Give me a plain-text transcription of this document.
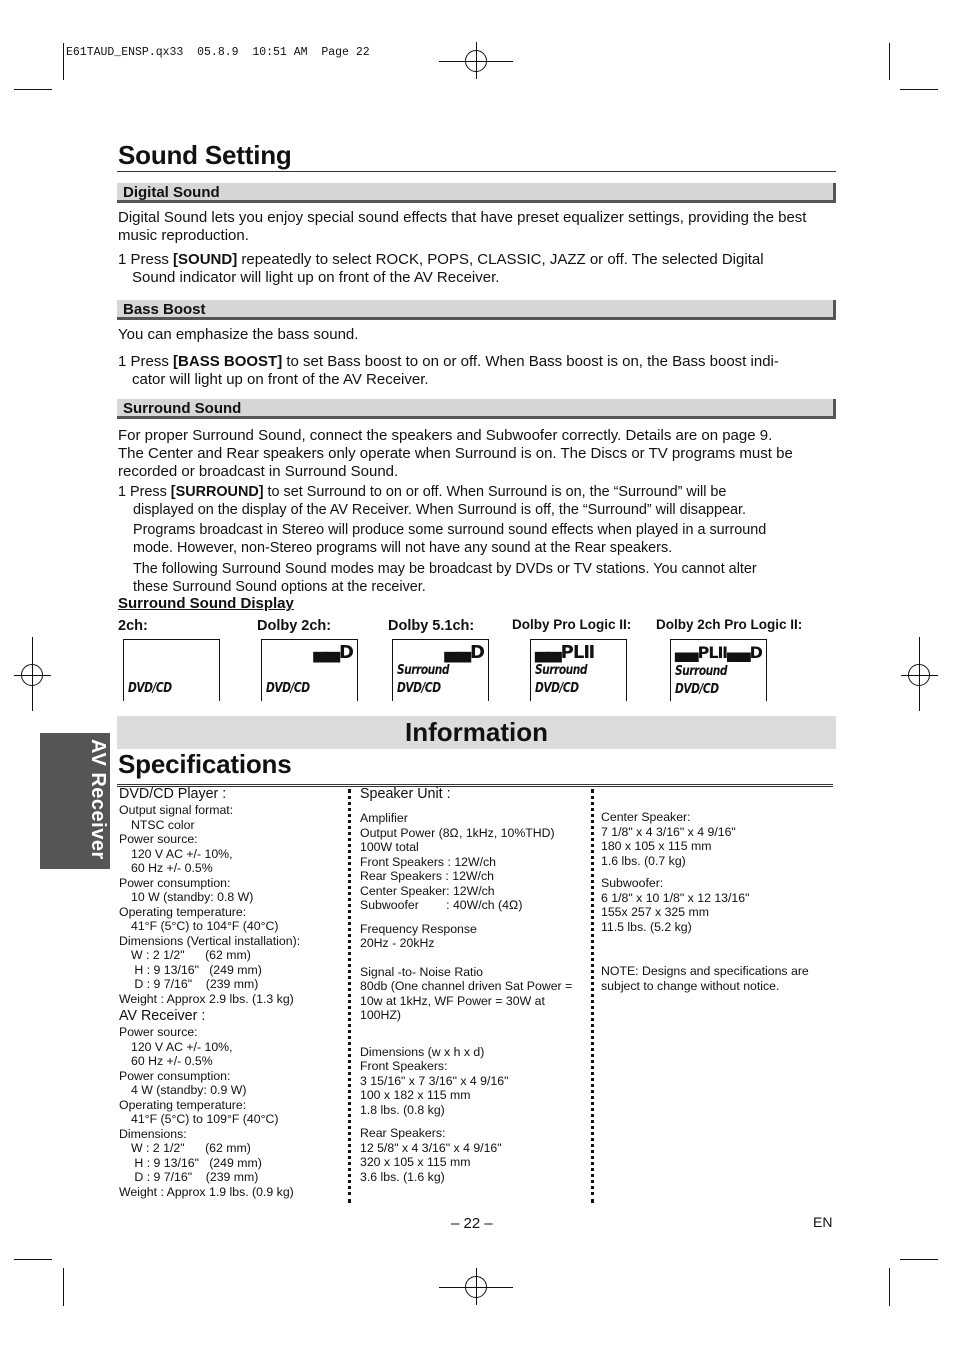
E61TAUD_ENSP.qx33  05.8.9  10:51 AM  Page 22
Sound Setting
Digital Sound
Digital Sound lets you enjoy special sound effects that have preset equalizer settings, providing the best
music reproduction.
1 Press [SOUND] repeatedly to select ROCK, POPS, CLASSIC, JAZZ or off. The selected Digital
Sound indicator will light up on front of the AV Receiver.
Bass Boost
You can emphasize the bass sound.
1 Press [BASS BOOST] to set Bass boost to on or off. When Bass boost is on, the Bass boost indi-
cator will light up on front of the AV Receiver.
Surround Sound
For proper Surround Sound, connect the speakers and Subwoofer correctly. Details are on page 9.
The Center and Rear speakers only operate when Surround is on. The Discs or TV programs must be
recorded or broadcast in Surround Sound.
1 Press [SURROUND] to set Surround to on or off. When Surround is on, the “Surround” will be
displayed on the display of the AV Receiver. When Surround is off, the “Surround” will disappear.
Programs broadcast in Stereo will produce some surround sound effects when played in a surround
mode. However, non-Stereo programs will not have any sound at the Rear speakers.
The following Surround Sound modes may be broadcast by DVDs or TV stations. You cannot alter
these Surround Sound options at the receiver.
Surround Sound Display
2ch:	Dolby 2ch:	Dolby 5.1ch:	Dolby Pro Logic II: Dolby 2ch Pro Logic II:
DVD/CD
▄▄D
DVD/CD
▄▄D
Surround
DVD/CD
▄▄PLⅡ
Surround
DVD/CD
▄▄PLⅡ▄▄D
Surround
DVD/CD
Information
AV Receiver Specifications
DVD/CD Player :
Output signal format:
NTSC color
Power source:
120 V AC +/- 10%,
60 Hz +/- 0.5%
Power consumption:
10 W (standby: 0.8 W)
Operating temperature:
41°F (5°C) to 104°F (40°C)
Dimensions (Vertical installation):
W : 2 1/2"      (62 mm)
H : 9 13/16"   (249 mm)
D : 9 7/16"    (239 mm)
Weight : Approx 2.9 lbs. (1.3 kg)
AV Receiver :
Power source:
120 V AC +/- 10%,
60 Hz +/- 0.5%
Power consumption:
4 W (standby: 0.9 W)
Operating temperature:
41°F (5°C) to 109°F (40°C)
Dimensions:
W : 2 1/2"      (62 mm)
H : 9 13/16"   (249 mm)
D : 9 7/16"    (239 mm)
Weight : Approx 1.9 lbs. (0.9 kg)
Speaker Unit :
Amplifier
Output Power (8Ω, 1kHz, 10%THD)
100W total
Front Speakers : 12W/ch
Rear Speakers : 12W/ch
Center Speaker: 12W/ch
Subwoofer        : 40W/ch (4Ω)
Frequency Response
20Hz - 20kHz
Signal -to- Noise Ratio
80db (One channel driven Sat Power =
10w at 1kHz, WF Power = 30W at
100HZ)
Dimensions (w x h x d)
Front Speakers:
3 15/16" x 7 3/16" x 4 9/16"
100 x 182 x 115 mm
1.8 lbs. (0.8 kg)
Rear Speakers:
12 5/8" x 4 3/16" x 4 9/16"
320 x 105 x 115 mm
3.6 lbs. (1.6 kg)
Center Speaker:
7 1/8" x 4 3/16" x 4 9/16"
180 x 105 x 115 mm
1.6 lbs. (0.7 kg)
Subwoofer:
6 1/8" x 10 1/8" x 12 13/16"
155x 257 x 325 mm
11.5 lbs. (5.2 kg)
NOTE: Designs and specifications are
subject to change without notice.
– 22 –	EN
